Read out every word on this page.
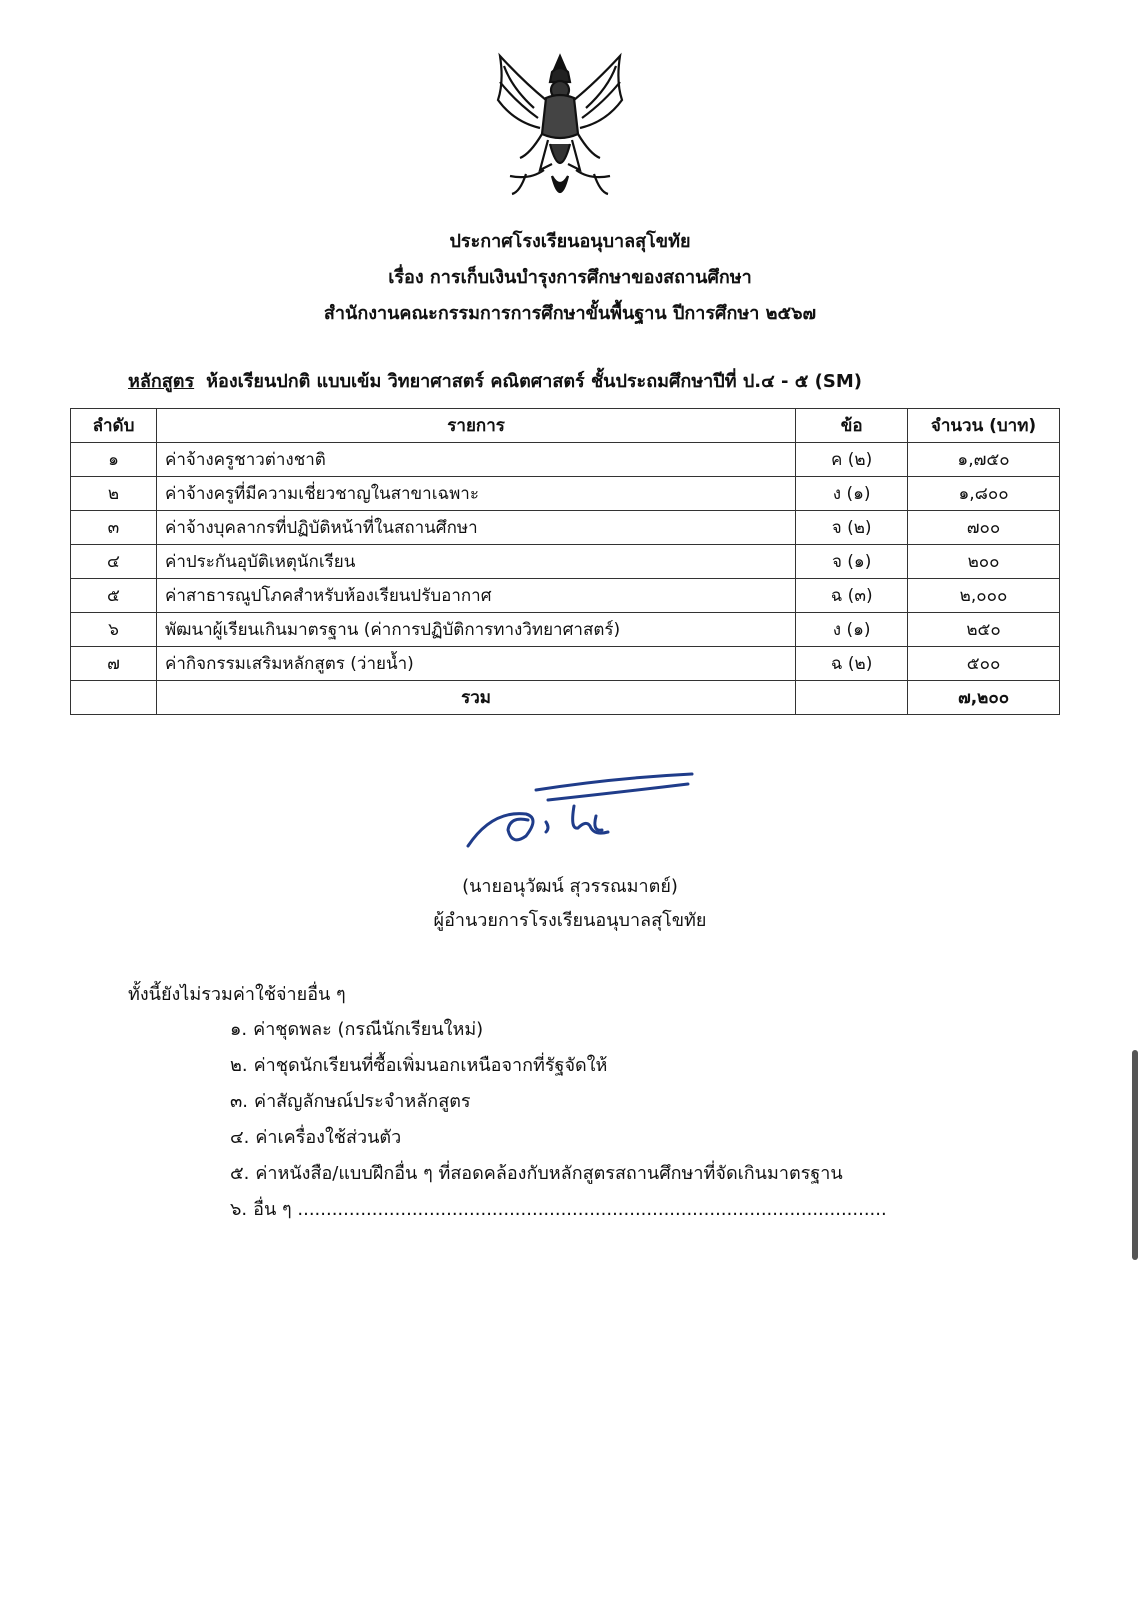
ประกาศโรงเรียนอนุบาลสุโขทัย
เรื่อง การเก็บเงินบำรุงการศึกษาของสถานศึกษา
สำนักงานคณะกรรมการการศึกษาขั้นพื้นฐาน ปีการศึกษา ๒๕๖๗
หลักสูตร ห้องเรียนปกติ แบบเข้ม วิทยาศาสตร์ คณิตศาสตร์ ชั้นประถมศึกษาปีที่ ป.๔ - ๕ (SM)
ลำดับ	รายการ	ข้อ	จำนวน (บาท)
๑	ค่าจ้างครูชาวต่างชาติ	ค (๒)	๑,๗๕๐
๒	ค่าจ้างครูที่มีความเชี่ยวชาญในสาขาเฉพาะ	ง (๑)	๑,๘๐๐
๓	ค่าจ้างบุคลากรที่ปฏิบัติหน้าที่ในสถานศึกษา	จ (๒)	๗๐๐
๔	ค่าประกันอุบัติเหตุนักเรียน	จ (๑)	๒๐๐
๕	ค่าสาธารณูปโภคสำหรับห้องเรียนปรับอากาศ	ฉ (๓)	๒,๐๐๐
๖	พัฒนาผู้เรียนเกินมาตรฐาน (ค่าการปฏิบัติการทางวิทยาศาสตร์)	ง (๑)	๒๕๐
๗	ค่ากิจกรรมเสริมหลักสูตร (ว่ายน้ำ)	ฉ (๒)	๕๐๐
	รวม		๗,๒๐๐
(นายอนุวัฒน์ สุวรรณมาตย์)
ผู้อำนวยการโรงเรียนอนุบาลสุโขทัย
ทั้งนี้ยังไม่รวมค่าใช้จ่ายอื่น ๆ
๑. ค่าชุดพละ (กรณีนักเรียนใหม่)
๒. ค่าชุดนักเรียนที่ซื้อเพิ่มนอกเหนือจากที่รัฐจัดให้
๓. ค่าสัญลักษณ์ประจำหลักสูตร
๔. ค่าเครื่องใช้ส่วนตัว
๕. ค่าหนังสือ/แบบฝึกอื่น ๆ ที่สอดคล้องกับหลักสูตรสถานศึกษาที่จัดเกินมาตรฐาน
๖. อื่น ๆ .......................................................................................................
